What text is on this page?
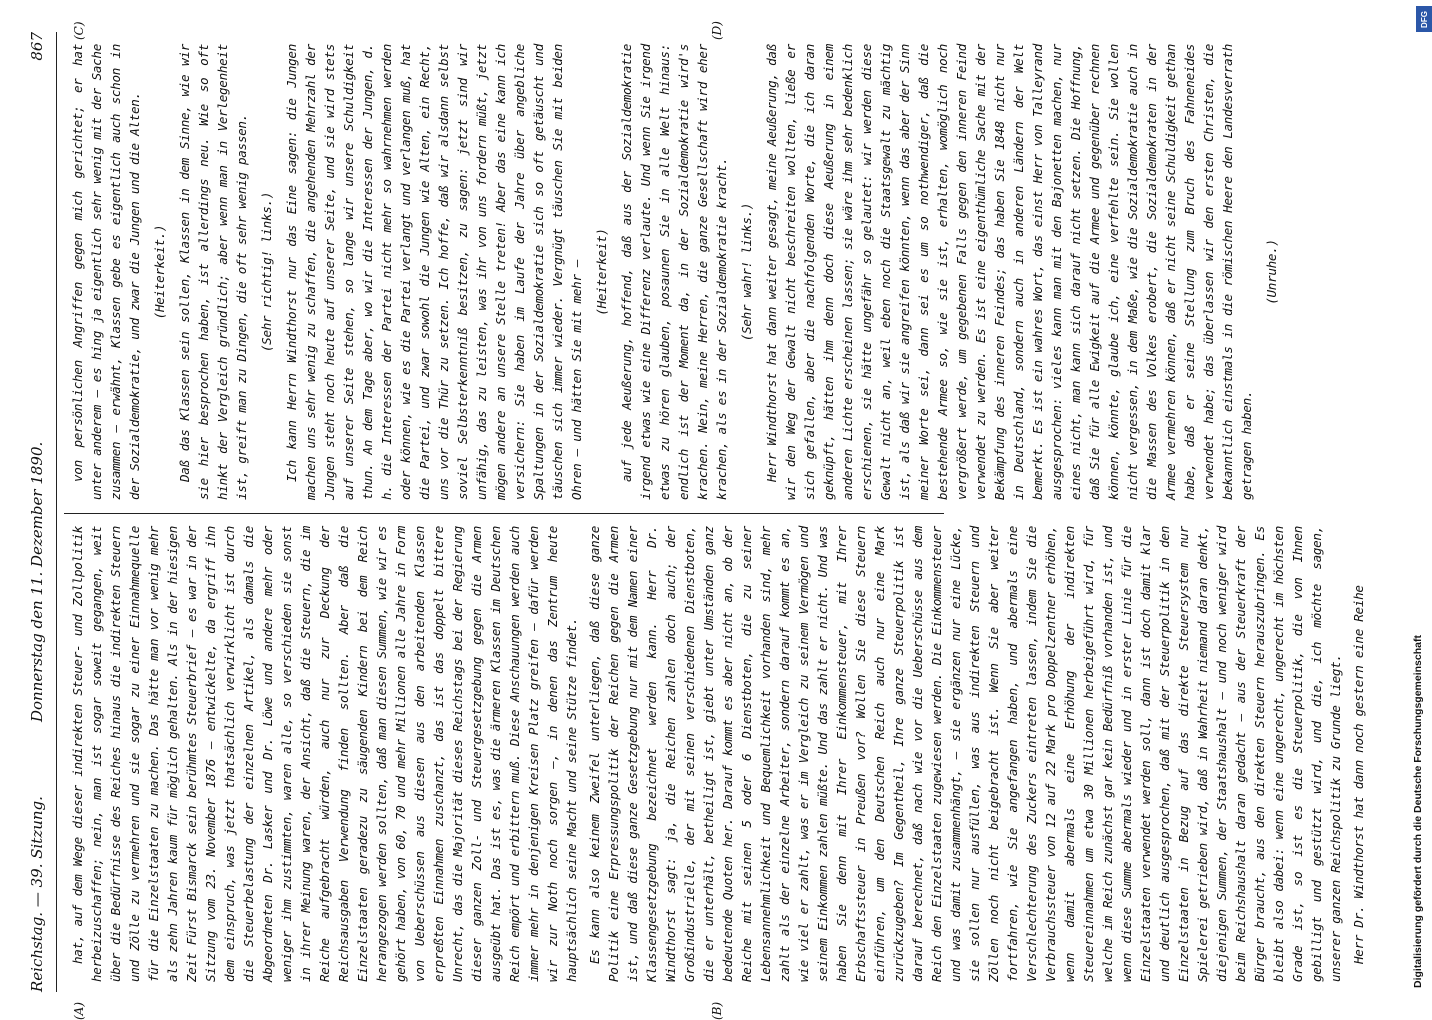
Reichstag. — 39. Sitzung.
Donnerstag den 11. Dezember 1890.
867
(A)	(B)
(C)	(D)

hat, auf dem Wege dieser indirekten Steuer- und Zollpolitik herbeizuschaffen; nein, man ist sogar soweit gegangen, weit über die Bedürfnisse des Reiches hinaus die indirekten Steuern und Zölle zu vermehren und sie sogar zu einer Einnahmequelle für die Einzelstaaten zu machen. Das hätte man vor wenig mehr als zehn Jahren kaum für möglich gehalten. Als in der hiesigen Zeit Fürst Bismarck sein berühmtes Steuerbrief — es war in der Sitzung vom 23. November 1876 — entwickelte, da ergriff ihn dem einspruch, was jetzt thatsächlich verwirklicht ist durch die Steuerbelastung der einzelnen Artikel, als damals die Abgeordneten Dr. Lasker und Dr. Löwe und andere mehr oder weniger ihm zustimmten, waren alle, so verschieden sie sonst in ihrer Meinung waren, der Ansicht, daß die Steuern, die im Reiche aufgebracht würden, auch nur zur Deckung der Reichsausgaben Verwendung finden sollten. Aber daß die Einzelstaaten geradezu zu säugenden Kindern bei dem Reich herangezogen werden sollten, daß man diesen Summen, wie wir es gehört haben, von 60, 70 und mehr Millionen alle Jahre in Form von Ueberschüssen aus diesen aus den arbeitenden Klassen erpreßten Einnahmen zuschanzt, das ist das doppelt bittere Unrecht, das die Majorität dieses Reichstags bei der Regierung dieser ganzen Zoll- und Steuergesetzgebung gegen die Armen ausgeübt hat. Das ist es, was die ärmeren Klassen im Deutschen Reich empört und erbittern muß. Diese Anschauungen werden auch immer mehr in denjenigen Kreisen Platz greifen — dafür werden wir zur Noth noch sorgen —, in denen das Zentrum heute hauptsächlich seine Macht und seine Stütze findet. Es kann also keinem Zweifel unterliegen, daß diese ganze Politik eine Erpressungspolitik der Reichen gegen die Armen ist, und daß diese ganze Gesetzgebung nur mit dem Namen einer Klassengesetzgebung bezeichnet werden kann. Herr Dr. Windthorst sagt: ja, die Reichen zahlen doch auch; der Großindustrielle, der mit seinen verschiedenen Dienstboten, die er unterhält, betheiligt ist, giebt unter Umständen ganz bedeutende Quoten her. Darauf kommt es aber nicht an, ob der Reiche mit seinen 5 oder 6 Dienstboten, die zu seiner Lebensannehmlichkeit und Bequemlichkeit vorhanden sind, mehr zahlt als der einzelne Arbeiter, sondern darauf kommt es an, wie viel er zahlt, was er im Vergleich zu seinem Vermögen und seinem Einkommen zahlen müßte. Und das zahlt er nicht. Und was haben Sie denn mit Ihrer Einkommensteuer, mit Ihrer Erbschaftssteuer in Preußen vor? Wollen Sie diese Steuern einführen, um den Deutschen Reich auch nur eine Mark zurückzugeben? Im Gegentheil, Ihre ganze Steuerpolitik ist darauf berechnet, daß nach wie vor die Ueberschüsse aus dem Reich den Einzelstaaten zugewiesen werden. Die Einkommensteuer und was damit zusammenhängt, — sie ergänzen nur eine Lücke, sie sollen nur ausfüllen, was aus indirekten Steuern und Zöllen noch nicht beigebracht ist. Wenn Sie aber weiter fortfahren, wie Sie angefangen haben, und abermals eine Verschlechterung des Zuckers eintreten lassen, indem Sie die Verbrauchssteuer von 12 auf 22 Mark pro Doppelzentner erhöhen, wenn damit abermals eine Erhöhung der indirekten Steuereinnahmen um etwa 30 Millionen herbeigeführt wird, für welche im Reich zunächst gar kein Bedürfniß vorhanden ist, und wenn diese Summe abermals wieder und in erster Linie für die Einzelstaaten verwendet werden soll, dann ist doch damit klar und deutlich ausgesprochen, daß mit der Steuerpolitik in den Einzelstaaten in Bezug auf das direkte Steuersystem nur Spielerei getrieben wird, daß in Wahrheit niemand daran denkt, diejenigen Summen, der Staatshaushalt — und noch weniger wird beim Reichshaushalt daran gedacht — aus der Steuerkraft der Bürger braucht, aus den direkten Steuern herauszubringen. Es bleibt also dabei: wenn eine ungerecht, ungerecht im höchsten Grade ist, so ist es die Steuerpolitik, die von Ihnen gebilligt und gestützt wird, und die, ich möchte sagen, unserer ganzen Reichspolitik zu Grunde liegt. Herr Dr. Windthorst hat dann noch gestern eine Reihe

von persönlichen Angriffen gegen mich gerichtet; er hat unter anderem — es hing ja eigentlich sehr wenig mit der Sache zusammen — erwähnt, Klassen gebe es eigentlich auch schon in der Sozialdemokratie, und zwar die Jungen und die Alten. (Heiterkeit.) Daß das Klassen sein sollen, Klassen in dem Sinne, wie wir sie hier besprochen haben, ist allerdings neu. Wie so oft hinkt der Vergleich gründlich; aber wenn man in Verlegenheit ist, greift man zu Dingen, die oft sehr wenig passen. (Sehr richtig! links.) Ich kann Herrn Windthorst nur das Eine sagen: die Jungen machen uns sehr wenig zu schaffen, die angehenden Mehrzahl der Jungen steht noch heute auf unserer Seite, und sie wird stets auf unserer Seite stehen, so lange wir unsere Schuldigkeit thun. An dem Tage aber, wo wir die Interessen der Jungen, d. h. die Interessen der Partei nicht mehr so wahrnehmen werden oder können, wie es die Partei verlangt und verlangen muß, hat die Partei, und zwar sowohl die Jungen wie Alten, ein Recht, uns vor die Thür zu setzen. Ich hoffe, daß wir alsdann selbst soviel Selbsterkenntniß besitzen, zu sagen: jetzt sind wir unfähig, das zu leisten, was ihr von uns fordern müßt, jetzt mögen andere an unsere Stelle treten! Aber das eine kann ich versichern: Sie haben im Laufe der Jahre über angebliche Spaltungen in der Sozialdemokratie sich so oft getäuscht und täuschen sich immer wieder. Vergnügt täuschen Sie mit beiden Ohren — und hätten Sie mit mehr — (Heiterkeit) auf jede Aeußerung, hoffend, daß aus der Sozialdemokratie irgend etwas wie eine Differenz verlaute. Und wenn Sie irgend etwas zu hören glauben, posaunen Sie in alle Welt hinaus: endlich ist der Moment da, in der Sozialdemokratie wird's krachen. Nein, meine Herren, die ganze Gesellschaft wird eher krachen, als es in der Sozialdemokratie kracht. (Sehr wahr! links.) Herr Windthorst hat dann weiter gesagt, meine Aeußerung, daß wir den Weg der Gewalt nicht beschreiten wollten, ließe er sich gefallen, aber die nachfolgenden Worte, die ich daran geknüpft, hätten ihm denn doch diese Aeußerung in einem anderen Lichte erscheinen lassen; sie wäre ihm sehr bedenklich erschienen, sie hätte ungefähr so gelautet: wir werden diese Gewalt nicht an, weil eben noch die Staatsgewalt zu mächtig ist, als daß wir sie angreifen könnten, wenn das aber der Sinn meiner Worte sei, dann sei es um so nothwendiger, daß die bestehende Armee so, wie sie ist, erhalten, womöglich noch vergrößert werde, um gegebenen Falls gegen den inneren Feind verwendet zu werden. Es ist eine eigenthümliche Sache mit der Bekämpfung des inneren Feindes; das haben Sie 1848 nicht nur in Deutschland, sondern auch in anderen Ländern der Welt bemerkt. Es ist ein wahres Wort, das einst Herr von Talleyrand ausgesprochen: vieles kann man mit den Bajonetten machen, nur eines nicht, man kann sich darauf nicht setzen. Die Hoffnung, daß Sie für alle Ewigkeit auf die Armee und gegenüber rechnen können, könnte, glaube ich, eine verfehlte sein. Sie wollen nicht vergessen, in dem Maße, wie die Sozialdemokratie auch in die Massen des Volkes erobert, die Sozialdemokraten in der Armee vermehren können, daß er nicht seine Schuldigkeit gethan habe, daß er seine Stellung zum Bruch des Fahneneides verwendet habe; das überlassen wir den ersten Christen, die bekanntlich einstmals in die römischen Heere den Landesverrath getragen haben.

(Unruhe.)

Digitalisierung gefördert durch die Deutsche Forschungsgemeinschaft
DFG
